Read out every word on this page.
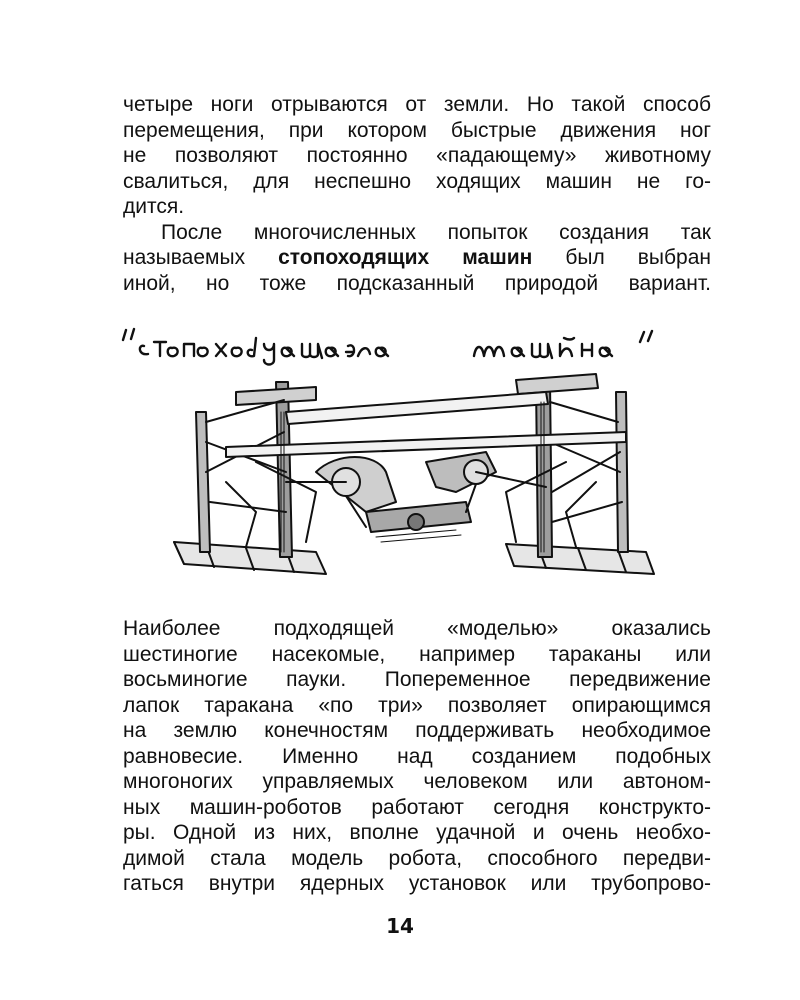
четыре ноги отрываются от земли. Но такой способ
перемещения, при котором быстрые движения ног
не позволяют постоянно «падающему» животному
свалиться, для неспешно ходящих машин не го-
дится.
После многочисленных попыток создания так
называемых стопоходящих машин был выбран
иной, но тоже подсказанный природой вариант.
Наиболее подходящей «моделью» оказались
шестиногие насекомые, например тараканы или
восьминогие пауки. Попеременное передвижение
лапок таракана «по три» позволяет опирающимся
на землю конечностям поддерживать необходимое
равновесие. Именно над созданием подобных
многоногих управляемых человеком или автоном-
ных машин-роботов работают сегодня конструкто-
ры. Одной из них, вполне удачной и очень необхо-
димой стала модель робота, способного передви-
гаться внутри ядерных установок или трубопрово-
14
